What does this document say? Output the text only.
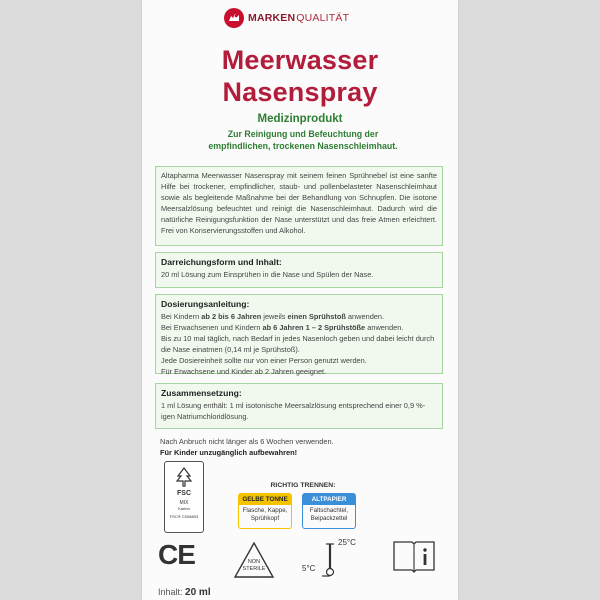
MARKEN QUALITÄT
Meerwasser
Nasenspray
Medizinprodukt
Zur Reinigung und Befeuchtung der
empfindlichen, trockenen Nasenschleimhaut.

Altapharma Meerwasser Nasenspray mit seinem feinen Sprühnebel ist eine sanfte Hilfe bei trockener, empfindlicher, staub- und pollenbelasteter Nasenschleimhaut sowie als begleitende Maßnahme bei der Behandlung von Schnupfen. Die isotone Meersalzlösung befeuchtet und reinigt die Nasenschleimhaut. Dadurch wird die natürliche Reinigungsfunktion der Nase unterstützt und das freie Atmen erleichtert. Frei von Konservierungsstoffen und Alkohol.

Darreichungsform und Inhalt:

20 ml Lösung zum Einsprühen in die Nase und Spülen der Nase.

Dosierungsanleitung:

Bei Kindern ab 2 bis 6 Jahren jeweils einen Sprühstoß anwenden.

Bei Erwachsenen und Kindern ab 6 Jahren 1 – 2 Sprühstöße anwenden.

Bis zu 10 mal täglich, nach Bedarf in jedes Nasenloch geben und dabei leicht durch die Nase einatmen (0,14 ml je Sprühstoß).

Jede Dosiereinheit sollte nur von einer Person genutzt werden.

Für Erwachsene und Kinder ab 2 Jahren geeignet.

Zusammensetzung:

1 ml Lösung enthält: 1 ml isotonische Meersalzlösung entsprechend einer 0,9 %-igen Natriumchloridlösung.

Nach Anbruch nicht länger als 6 Wochen verwenden.
Für Kinder unzugänglich aufbewahren!
FSC
MIX
Karton
FSC® C008803
RICHTIG TRENNEN:
GELBE TONNE
Flasche, Kappe,
Sprühkopf
ALTPAPIER
Faltschachtel,
Beipackzettel
CE	NON
STERILE
25°C
5°C
Inhalt: 20 ml
